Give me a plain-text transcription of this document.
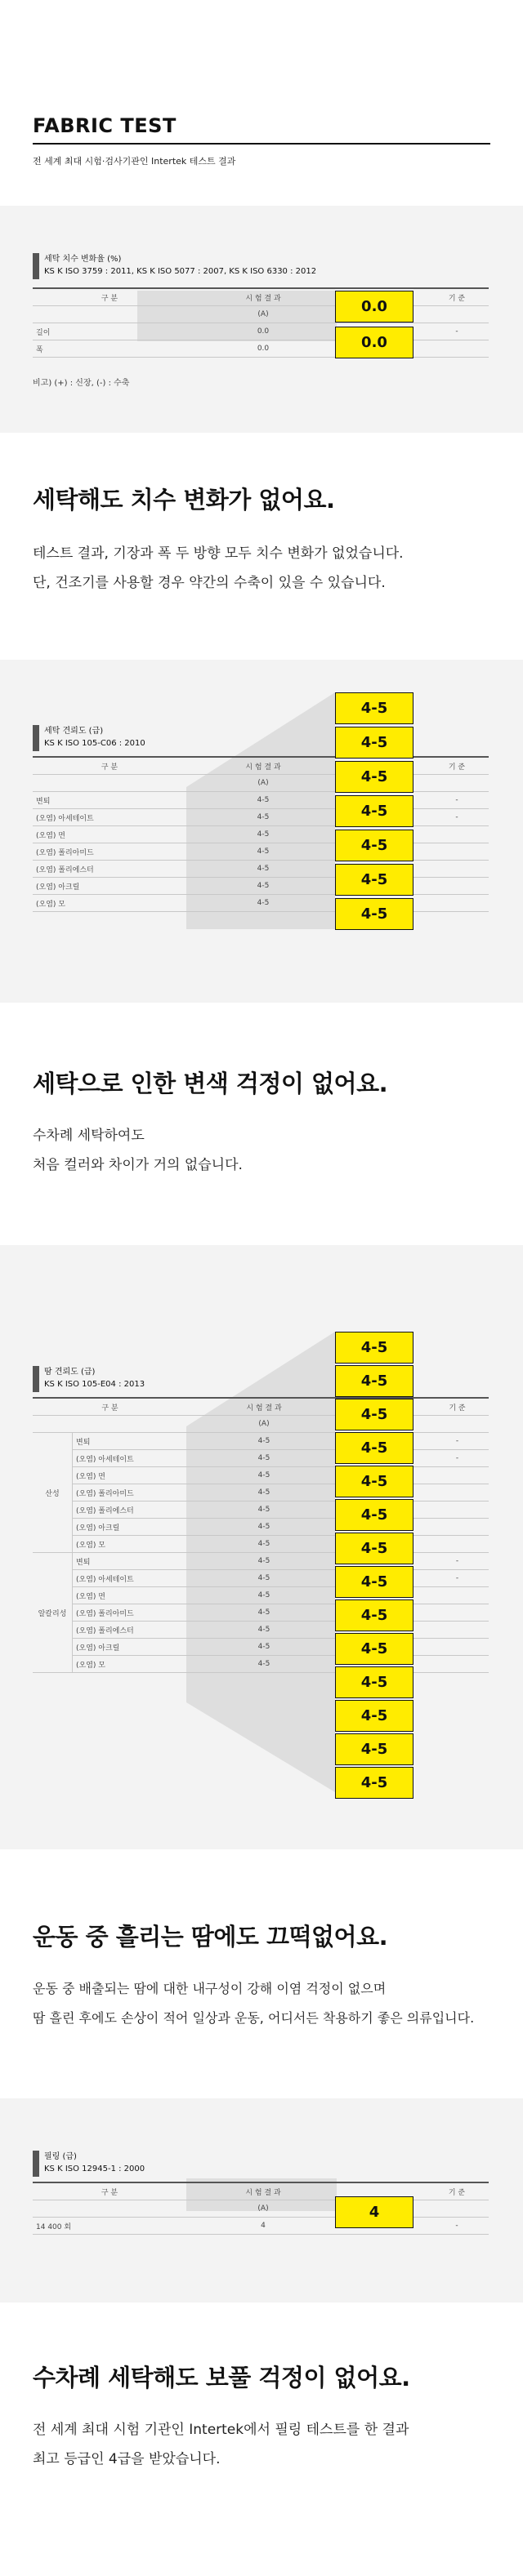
FABRIC TEST
전 세계 최대 시험·검사기관인 Intertek 테스트 결과
세탁 치수 변화율 (%)
KS K ISO 3759 : 2011, KS K ISO 5077 : 2007, KS K ISO 6330 : 2012
구 분	시 험 결 과		기 준
	(A)		
길이	0.0		-
폭	0.0		
0.0
0.0
비고) (+) : 신장, (-) : 수축
세탁해도 치수 변화가 없어요.
테스트 결과, 기장과 폭 두 방향 모두 치수 변화가 없었습니다.
단, 건조기를 사용할 경우 약간의 수축이 있을 수 있습니다.
세탁 견뢰도 (급)
KS K ISO 105-C06 : 2010
구 분	시 험 결 과		기 준
	(A)		
변퇴	4-5		-
(오염) 아세테이트	4-5		-
(오염) 면	4-5		
(오염) 폴리아미드	4-5		
(오염) 폴리에스터	4-5		
(오염) 아크릴	4-5		
(오염) 모	4-5		
4-5
4-5
4-5
4-5
4-5
4-5
4-5
세탁으로 인한 변색 걱정이 없어요.
수차례 세탁하여도
처음 컬러와 차이가 거의 없습니다.
땀 견뢰도 (급)
KS K ISO 105-E04 : 2013
구 분		시 험 결 과		기 준
		(A)		
산성	변퇴	4-5		-
	(오염) 아세테이트	4-5		-
	(오염) 면	4-5		
	(오염) 폴리아미드	4-5		
	(오염) 폴리에스터	4-5		
	(오염) 아크릴	4-5		
	(오염) 모	4-5		
알칼리성	변퇴	4-5		-
	(오염) 아세테이트	4-5		-
	(오염) 면	4-5		
	(오염) 폴리아미드	4-5		
	(오염) 폴리에스터	4-5		
	(오염) 아크릴	4-5		
	(오염) 모	4-5		
4-5
4-5
4-5
4-5
4-5
4-5
4-5
4-5
4-5
4-5
4-5
4-5
4-5
4-5
운동 중 흘리는 땀에도 끄떡없어요.
운동 중 배출되는 땀에 대한 내구성이 강해 이염 걱정이 없으며
땀 흘린 후에도 손상이 적어 일상과 운동, 어디서든 착용하기 좋은 의류입니다.
필링 (급)
KS K ISO 12945-1 : 2000
구 분	시 험 결 과		기 준
	(A)		
14 400 회	4		-
4
수차례 세탁해도 보풀 걱정이 없어요.
전 세계 최대 시험 기관인 Intertek에서 필링 테스트를 한 결과
최고 등급인 4급을 받았습니다.
